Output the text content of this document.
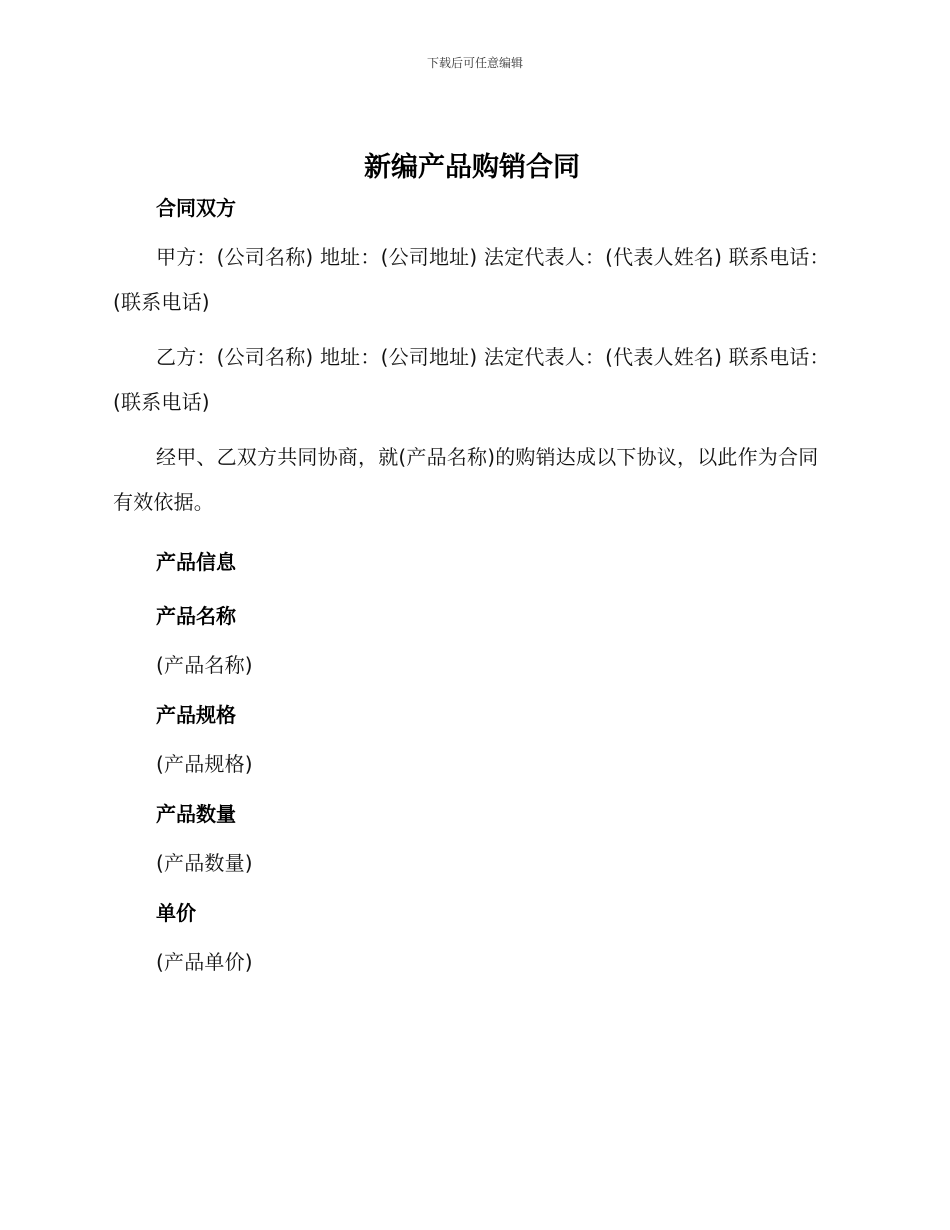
下载后可任意编辑
新编产品购销合同

合同双方

甲方：(公司名称) 地址：(公司地址) 法定代表人：(代表人姓名) 联系电话：(联系电话)

乙方：(公司名称) 地址：(公司地址) 法定代表人：(代表人姓名) 联系电话：(联系电话)

经甲、乙双方共同协商，就(产品名称)的购销达成以下协议，以此作为合同有效依据。

产品信息

产品名称

(产品名称)

产品规格

(产品规格)

产品数量

(产品数量)

单价

(产品单价)
